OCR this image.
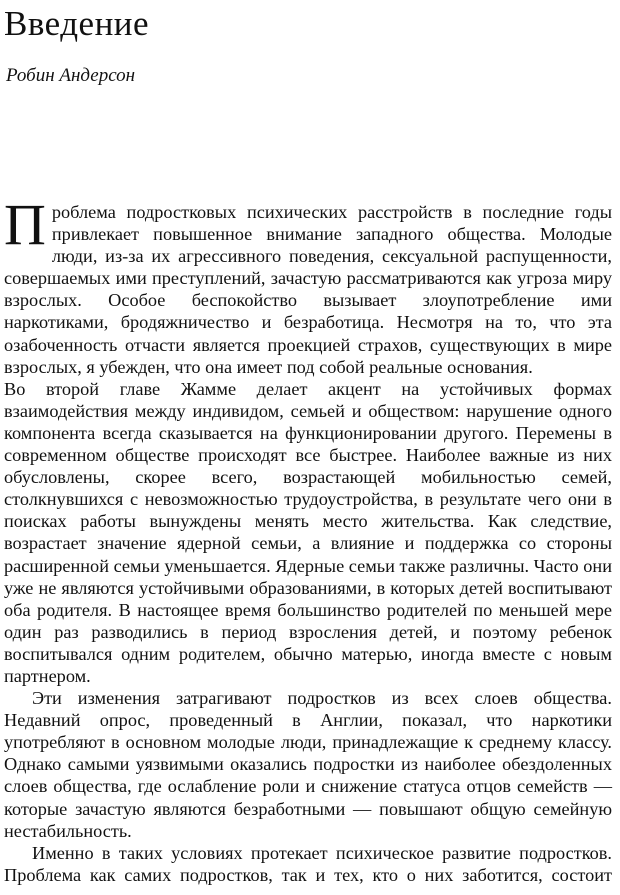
Введение
Робин Андерсон

Проблема подростковых психических расстройств в последние годы привлекает повышенное внимание западного общества. Молодые люди, из-за их агрессивного поведения, сексуальной распущенности, совершаемых ими преступлений, зачастую рассматриваются как угроза миру взрослых. Особое беспокойство вызывает злоупотребление ими наркотиками, бродяжничество и безработица. Несмотря на то, что эта озабоченность отчасти является проекцией страхов, существующих в мире взрослых, я убежден, что она имеет под собой реальные основания.

Во второй главе Жамме делает акцент на устойчивых формах взаимодействия между индивидом, семьей и обществом: нарушение одного компонента всегда сказывается на функционировании другого. Перемены в современном обществе происходят все быстрее. Наиболее важные из них обусловлены, скорее всего, возрастающей мобильностью семей, столкнувшихся с невозможностью трудоустройства, в результате чего они в поисках работы вынуждены менять место жительства. Как следствие, возрастает значение ядерной семьи, а влияние и поддержка со стороны расширенной семьи уменьшается. Ядерные семьи также различны. Часто они уже не являются устойчивыми образованиями, в которых детей воспитывают оба родителя. В настоящее время большинство родителей по меньшей мере один раз разводились в период взросления детей, и поэтому ребенок воспитывался одним родителем, обычно матерью, иногда вместе с новым партнером.

Эти изменения затрагивают подростков из всех слоев общества. Недавний опрос, проведенный в Англии, показал, что наркотики употребляют в основном молодые люди, принадлежащие к среднему классу. Однако самыми уязвимыми оказались подростки из наиболее обездоленных слоев общества, где ослабление роли и снижение статуса отцов семейств — которые зачастую являются безработными — повышают общую семейную нестабильность.

Именно в таких условиях протекает психическое развитие подростков. Проблема как самих подростков, так и тех, кто о них заботится, состоит
